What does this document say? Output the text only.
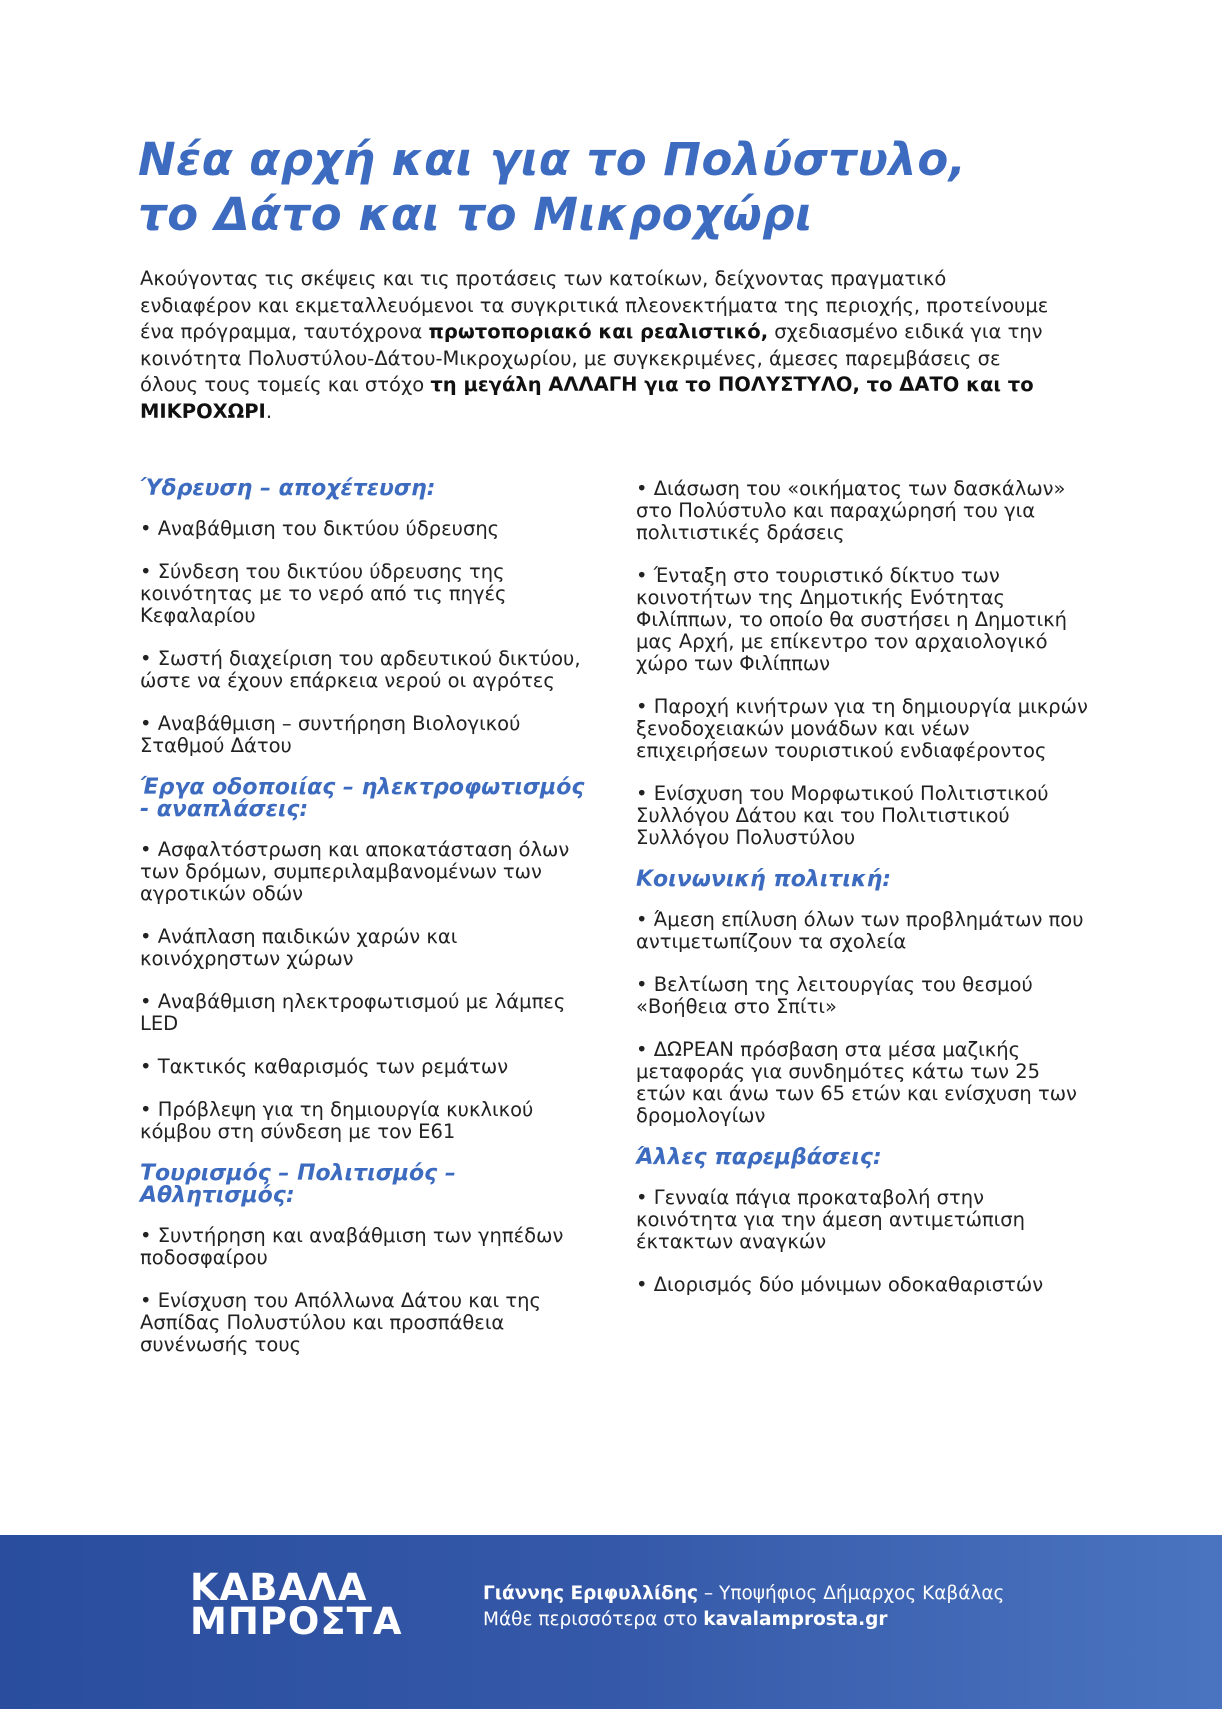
Νέα αρχή και για το Πολύστυλο,
το Δάτο και το Μικροχώρι

Ακούγοντας τις σκέψεις και τις προτάσεις των κατοίκων, δείχνοντας πραγματικό ενδιαφέρον και εκμεταλλευόμενοι τα συγκριτικά πλεονεκτήματα της περιοχής, προτείνουμε ένα πρόγραμμα, ταυτόχρονα πρωτοποριακό και ρεαλιστικό, σχεδιασμένο ειδικά για την κοινότητα Πολυστύλου-Δάτου-Μικροχωρίου, με συγκεκριμένες, άμεσες παρεμβάσεις σε όλους τους τομείς και στόχο τη μεγάλη ΑΛΛΑΓΗ για το ΠΟΛΥΣΤΥΛΟ, το ΔΑΤΟ και το ΜΙΚΡΟΧΩΡΙ.

Ύδρευση – αποχέτευση:

• Αναβάθμιση του δικτύου ύδρευσης

• Σύνδεση του δικτύου ύδρευσης της κοινότητας με το νερό από τις πηγές Κεφαλαρίου

• Σωστή διαχείριση του αρδευτικού δικτύου, ώστε να έχουν επάρκεια νερού οι αγρότες

• Αναβάθμιση – συντήρηση Βιολογικού Σταθμού Δάτου

Έργα οδοποιίας – ηλεκτροφωτισμός - αναπλάσεις:

• Ασφαλτόστρωση και αποκατάσταση όλων των δρόμων, συμπεριλαμβανομένων των αγροτικών οδών

• Ανάπλαση παιδικών χαρών και κοινόχρηστων χώρων

• Αναβάθμιση ηλεκτροφωτισμού με λάμπες LED

• Τακτικός καθαρισμός των ρεμάτων

• Πρόβλεψη για τη δημιουργία κυκλικού κόμβου στη σύνδεση με τον Ε61

Τουρισμός – Πολιτισμός – Αθλητισμός:

• Συντήρηση και αναβάθμιση των γηπέδων ποδοσφαίρου

• Ενίσχυση του Απόλλωνα Δάτου και της Ασπίδας Πολυστύλου και προσπάθεια συνένωσής τους

• Διάσωση του «οικήματος των δασκάλων» στο Πολύστυλο και παραχώρησή του για πολιτιστικές δράσεις

• Ένταξη στο τουριστικό δίκτυο των κοινοτήτων της Δημοτικής Ενότητας Φιλίππων, το οποίο θα συστήσει η Δημοτική μας Αρχή, με επίκεντρο τον αρχαιολογικό χώρο των Φιλίππων

• Παροχή κινήτρων για τη δημιουργία μικρών ξενοδοχειακών μονάδων και νέων επιχειρήσεων τουριστικού ενδιαφέροντος

• Ενίσχυση του Μορφωτικού Πολιτιστικού Συλλόγου Δάτου και του Πολιτιστικού Συλλόγου Πολυστύλου

Κοινωνική πολιτική:

• Άμεση επίλυση όλων των προβλημάτων που αντιμετωπίζουν τα σχολεία

• Βελτίωση της λειτουργίας του θεσμού «Βοήθεια στο Σπίτι»

• ΔΩΡΕΑΝ πρόσβαση στα μέσα μαζικής μεταφοράς για συνδημότες κάτω των 25 ετών και άνω των 65 ετών και ενίσχυση των δρομολογίων

Άλλες παρεμβάσεις:

• Γενναία πάγια προκαταβολή στην κοινότητα για την άμεση αντιμετώπιση έκτακτων αναγκών

• Διορισμός δύο μόνιμων οδοκαθαριστών

ΚΑΒΑΛΑ
ΜΠΡΟΣΤΑ
Γιάννης Εριφυλλίδης – Υποψήφιος Δήμαρχος Καβάλας
Μάθε περισσότερα στο kavalamprosta.gr
